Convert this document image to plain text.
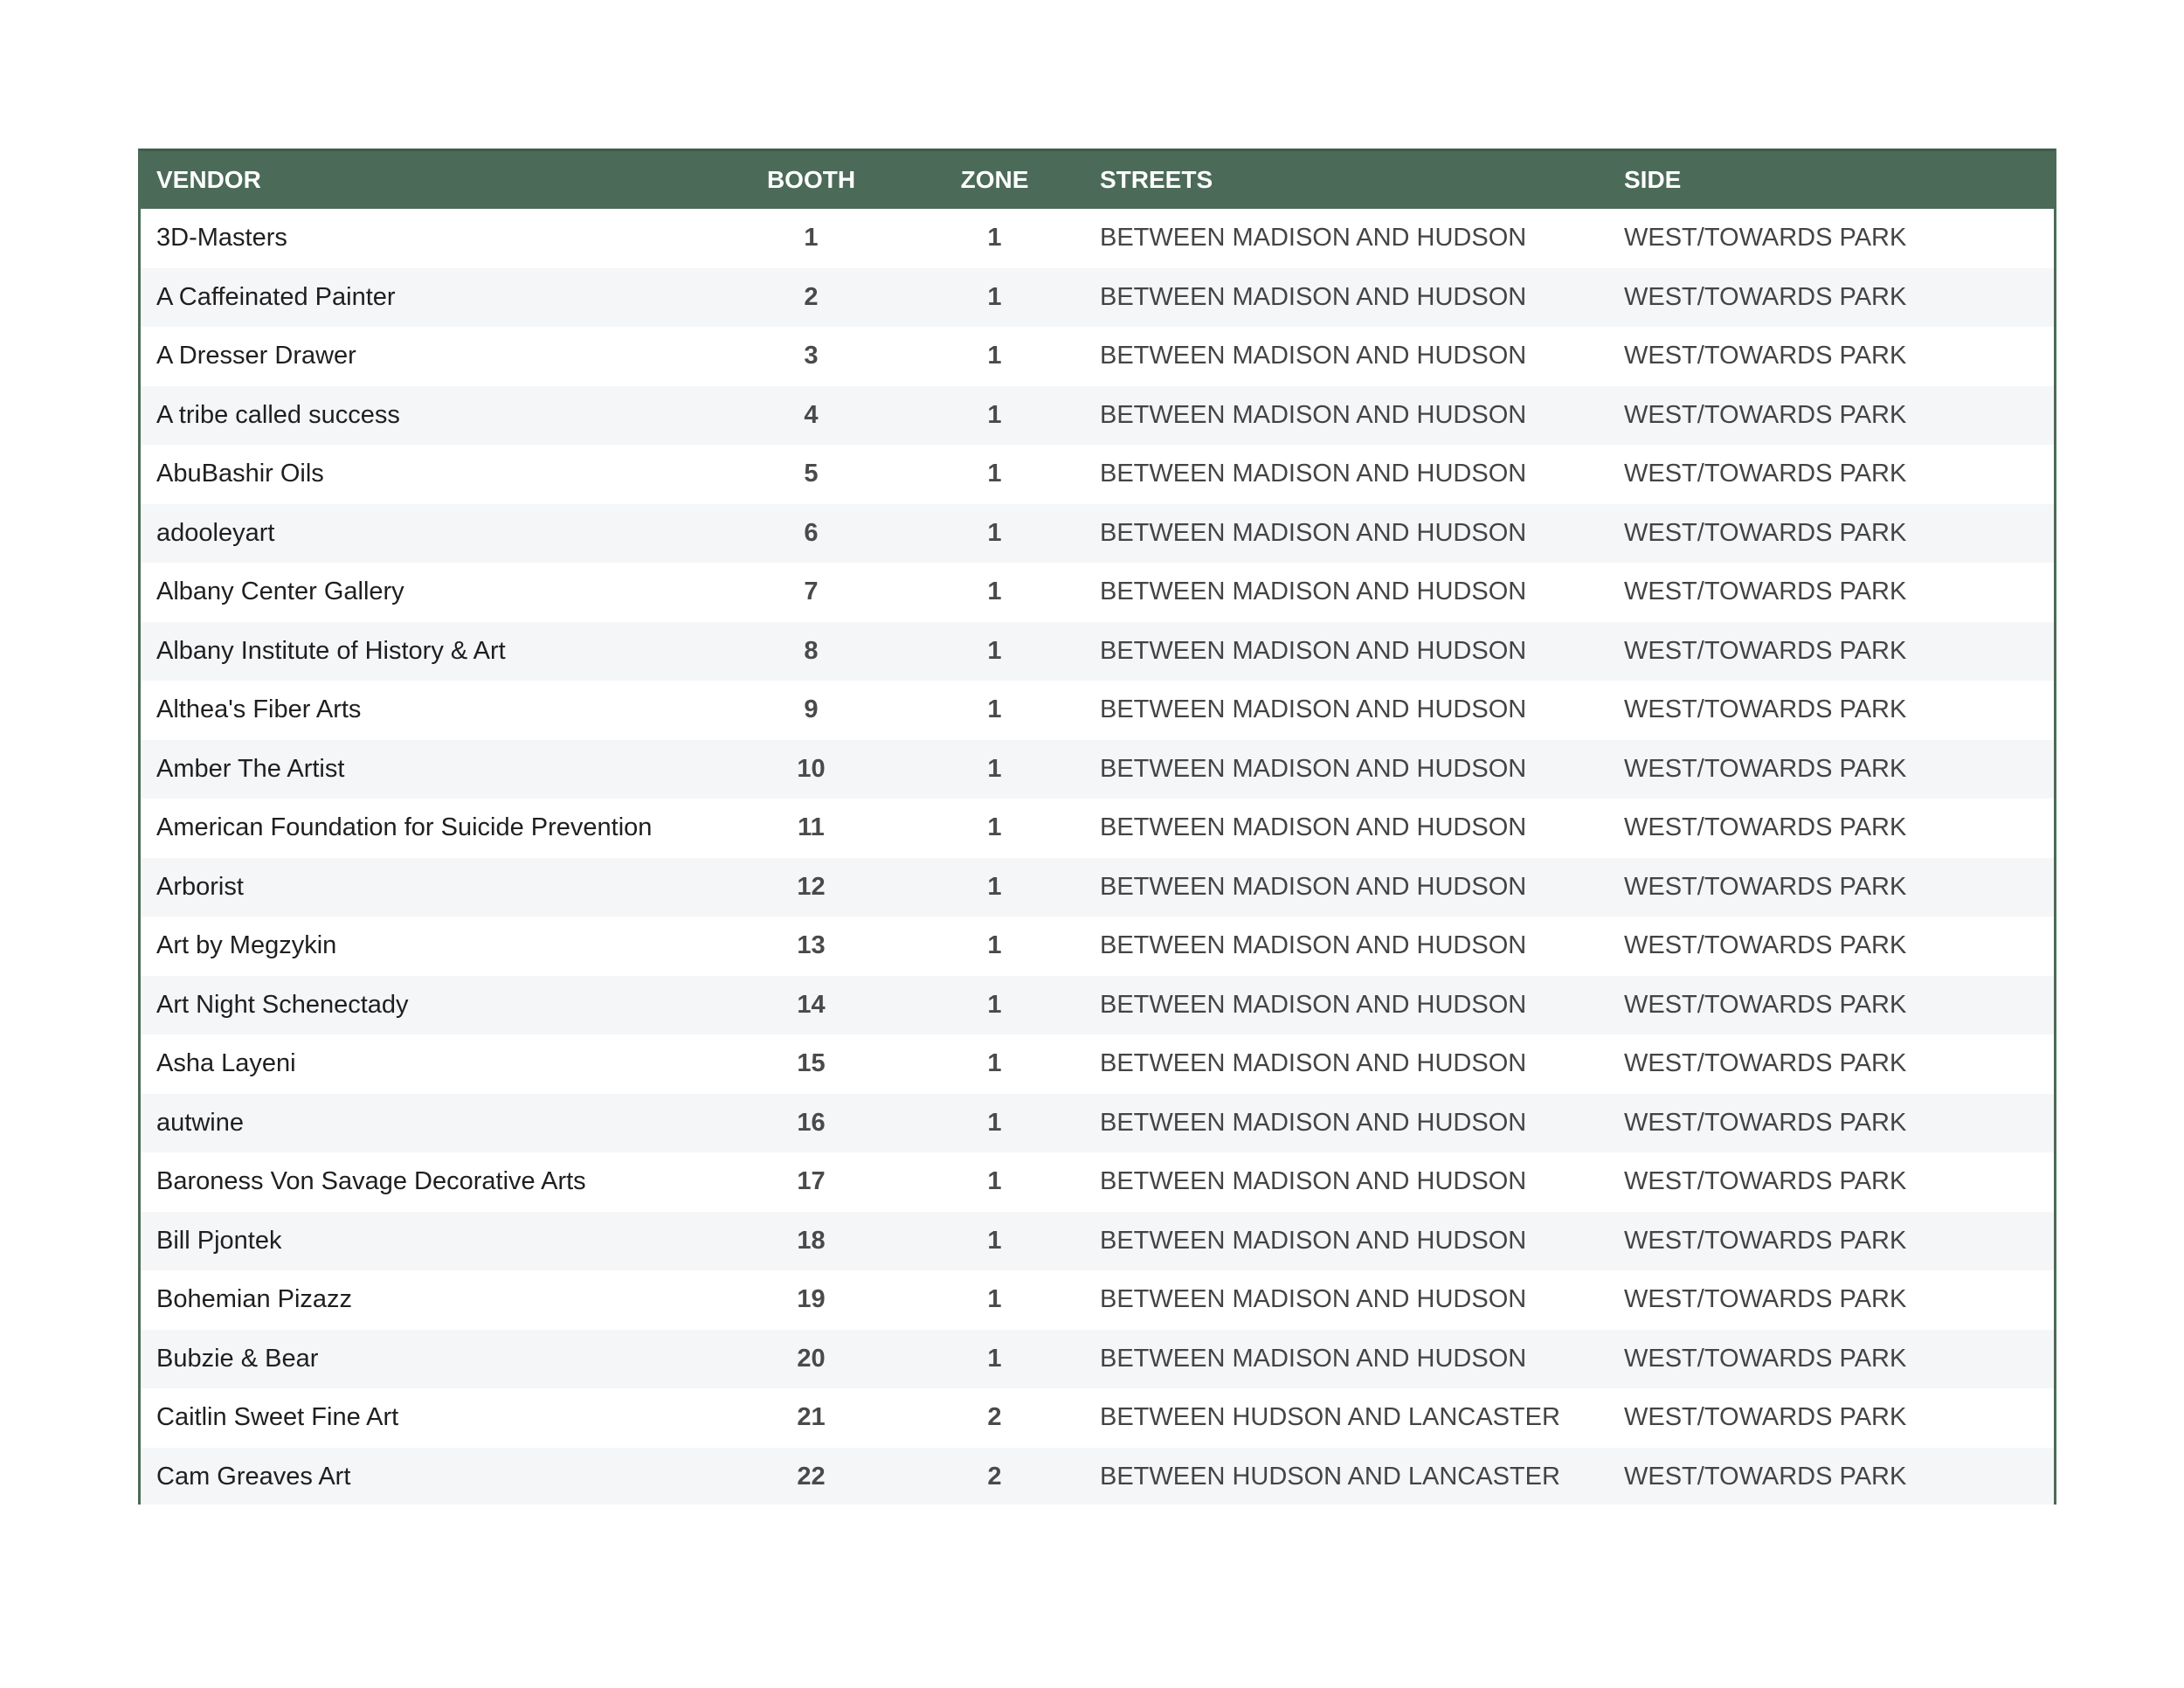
VENDOR	BOOTH	ZONE	STREETS	SIDE
3D-Masters	1	1	BETWEEN MADISON AND HUDSON	WEST/TOWARDS PARK
A Caffeinated Painter	2	1	BETWEEN MADISON AND HUDSON	WEST/TOWARDS PARK
A Dresser Drawer	3	1	BETWEEN MADISON AND HUDSON	WEST/TOWARDS PARK
A tribe called success	4	1	BETWEEN MADISON AND HUDSON	WEST/TOWARDS PARK
AbuBashir Oils	5	1	BETWEEN MADISON AND HUDSON	WEST/TOWARDS PARK
adooleyart	6	1	BETWEEN MADISON AND HUDSON	WEST/TOWARDS PARK
Albany Center Gallery	7	1	BETWEEN MADISON AND HUDSON	WEST/TOWARDS PARK
Albany Institute of History & Art	8	1	BETWEEN MADISON AND HUDSON	WEST/TOWARDS PARK
Althea's Fiber Arts	9	1	BETWEEN MADISON AND HUDSON	WEST/TOWARDS PARK
Amber The Artist	10	1	BETWEEN MADISON AND HUDSON	WEST/TOWARDS PARK
American Foundation for Suicide Prevention	11	1	BETWEEN MADISON AND HUDSON	WEST/TOWARDS PARK
Arborist	12	1	BETWEEN MADISON AND HUDSON	WEST/TOWARDS PARK
Art by Megzykin	13	1	BETWEEN MADISON AND HUDSON	WEST/TOWARDS PARK
Art Night Schenectady	14	1	BETWEEN MADISON AND HUDSON	WEST/TOWARDS PARK
Asha Layeni	15	1	BETWEEN MADISON AND HUDSON	WEST/TOWARDS PARK
autwine	16	1	BETWEEN MADISON AND HUDSON	WEST/TOWARDS PARK
Baroness Von Savage Decorative Arts	17	1	BETWEEN MADISON AND HUDSON	WEST/TOWARDS PARK
Bill Pjontek	18	1	BETWEEN MADISON AND HUDSON	WEST/TOWARDS PARK
Bohemian Pizazz	19	1	BETWEEN MADISON AND HUDSON	WEST/TOWARDS PARK
Bubzie & Bear	20	1	BETWEEN MADISON AND HUDSON	WEST/TOWARDS PARK
Caitlin Sweet Fine Art	21	2	BETWEEN HUDSON AND LANCASTER	WEST/TOWARDS PARK
Cam Greaves Art	22	2	BETWEEN HUDSON AND LANCASTER	WEST/TOWARDS PARK
